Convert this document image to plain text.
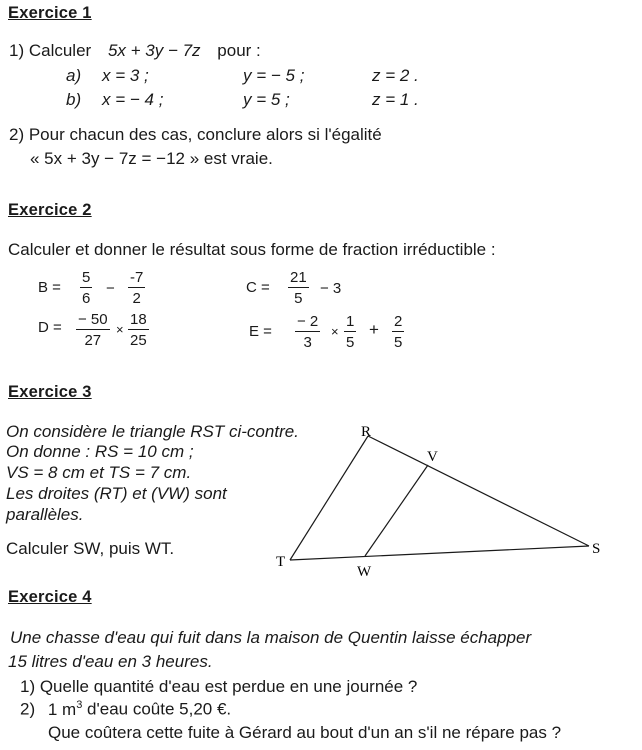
Exercice 1
1) Calculer 5x + 3y − 7z pour :
a) x = 3 ;	y = − 5 ;	z = 2 .
b) x = − 4 ;	y = 5 ;	z = 1 .
2) Pour chacun des cas, conclure alors si l'égalité
« 5x + 3y − 7z = −12 » est vraie.
Exercice 2
Calculer et donner le résultat sous forme de fraction irréductible :
$B = \frac{5}{6} - \frac{-7}{2}$	$C = \frac{21}{5} - 3$
$D = \frac{- 50}{27} \times \frac{18}{25}$	$E = \frac{- 2}{3} \times \frac{1}{5} + \frac{2}{5}$
Exercice 3
On considère le triangle RST ci-contre.
On donne : RS = 10 cm ;
VS = 8 cm et TS = 7 cm.
Les droites (RT) et (VW) sont
parallèles.
Calculer SW, puis WT.
R
V
S
T
W
Exercice 4
Une chasse d'eau qui fuit dans la maison de Quentin laisse échapper
15 litres d'eau en 3 heures.
1) Quelle quantité d'eau est perdue en une journée ?
2) 1 $m^3$ d'eau coûte 5,20 €.
Que coûtera cette fuite à Gérard au bout d'un an s'il ne répare pas ?
